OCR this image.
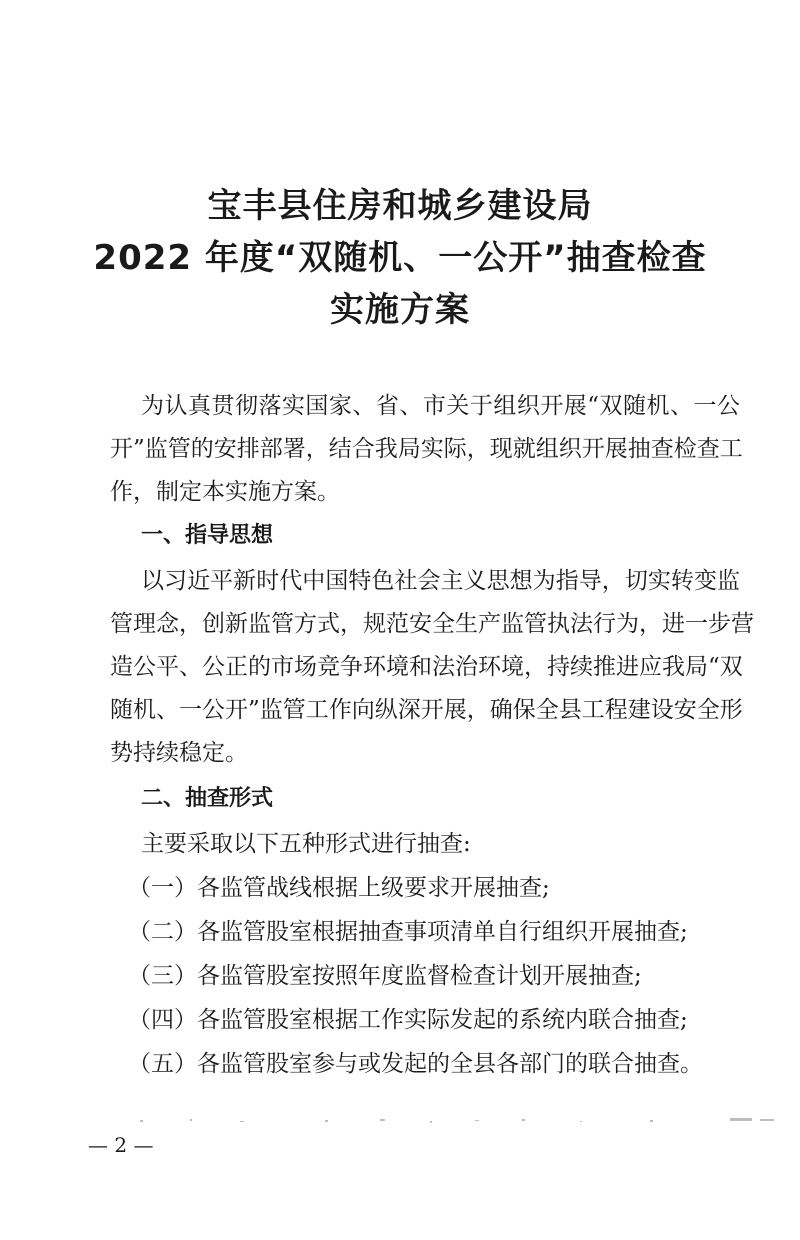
宝丰县住房和城乡建设局
2022 年度“双随机、一公开”抽查检查
实施方案
为认真贯彻落实国家、省、市关于组织开展“双随机、一公
开”监管的安排部署，结合我局实际，现就组织开展抽查检查工
作，制定本实施方案。
一、指导思想
以习近平新时代中国特色社会主义思想为指导，切实转变监
管理念，创新监管方式，规范安全生产监管执法行为，进一步营
造公平、公正的市场竞争环境和法治环境，持续推进应我局“双
随机、一公开”监管工作向纵深开展，确保全县工程建设安全形
势持续稳定。
二、抽查形式
主要采取以下五种形式进行抽查:
（一）各监管战线根据上级要求开展抽查;
（二）各监管股室根据抽查事项清单自行组织开展抽查;
（三）各监管股室按照年度监督检查计划开展抽查;
（四）各监管股室根据工作实际发起的系统内联合抽查;
（五）各监管股室参与或发起的全县各部门的联合抽查。
— 2 —
